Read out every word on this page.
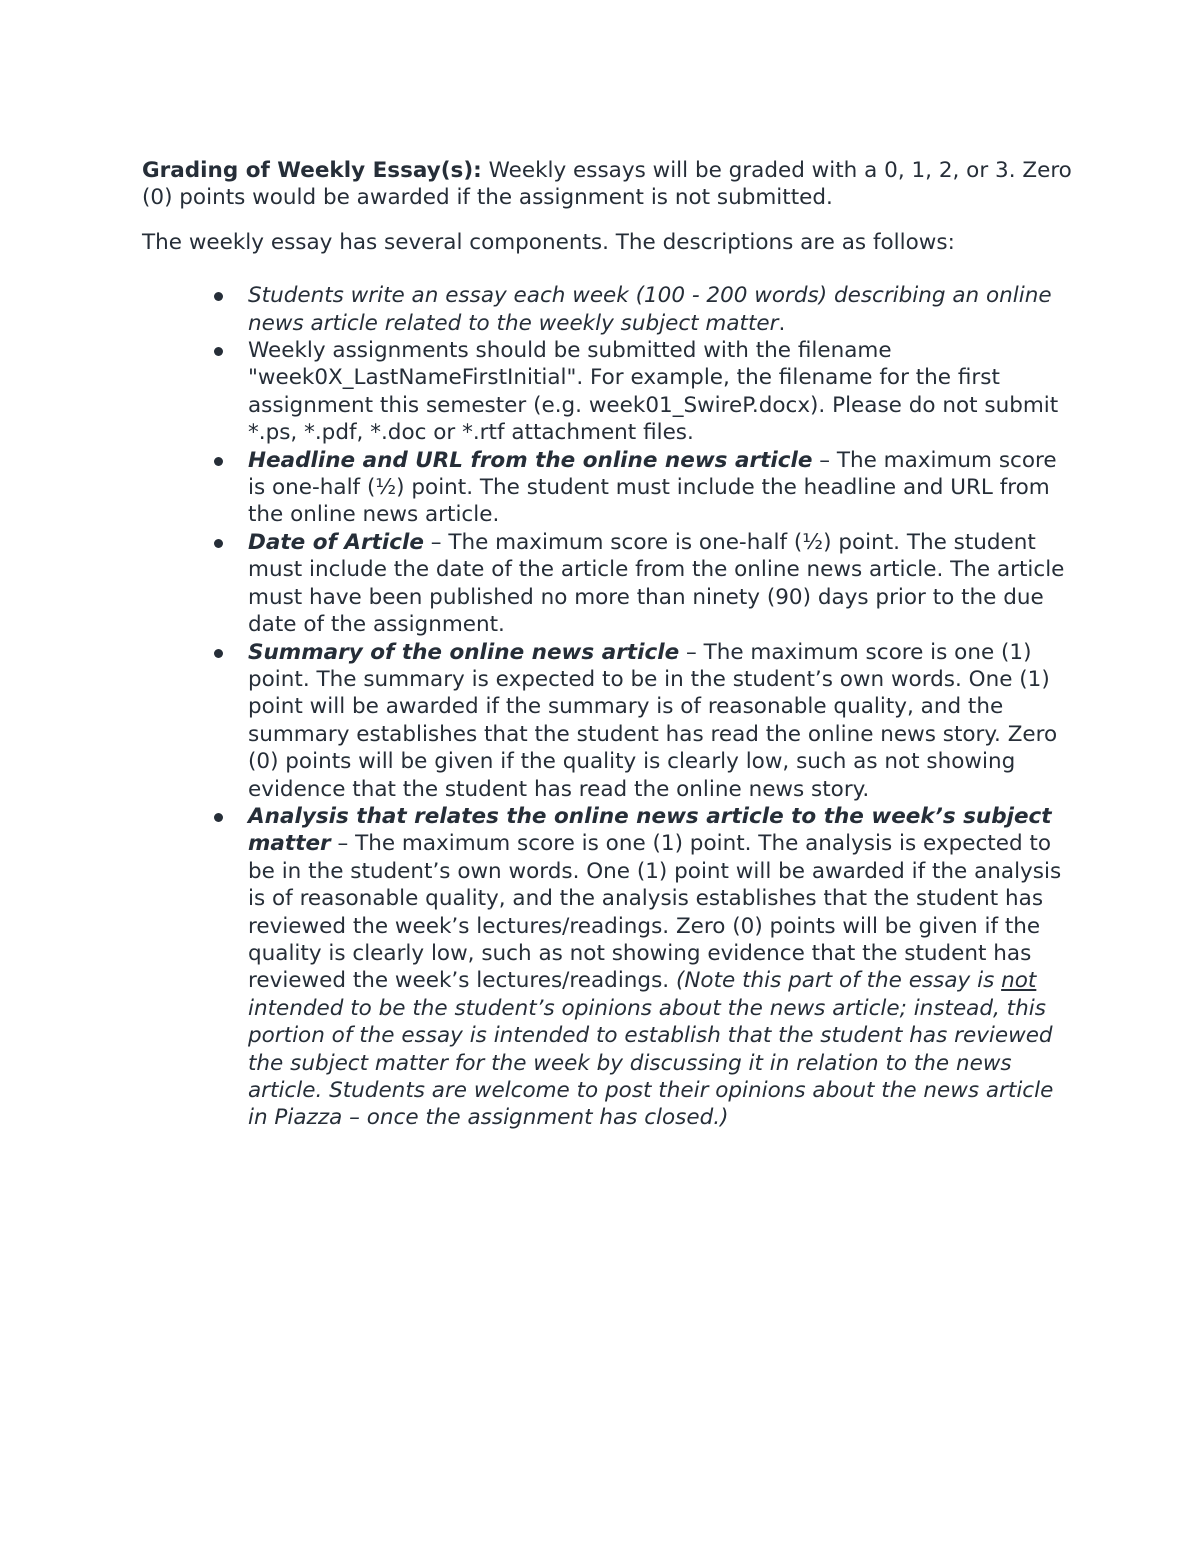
Grading of Weekly Essay(s): Weekly essays will be graded with a 0, 1, 2, or 3. Zero (0) points would be awarded if the assignment is not submitted.

The weekly essay has several components. The descriptions are as follows:

Students write an essay each week (100 - 200 words) describing an online news article related to the weekly subject matter.
Weekly assignments should be submitted with the filename "week0X_LastNameFirstInitial". For example, the filename for the first assignment this semester (e.g. week01_SwireP.docx). Please do not submit *.ps, *.pdf, *.doc or *.rtf attachment files.
Headline and URL from the online news article – The maximum score is one-half (½) point. The student must include the headline and URL from the online news article.
Date of Article – The maximum score is one-half (½) point. The student must include the date of the article from the online news article. The article must have been published no more than ninety (90) days prior to the due date of the assignment.
Summary of the online news article – The maximum score is one (1) point. The summary is expected to be in the student’s own words. One (1) point will be awarded if the summary is of reasonable quality, and the summary establishes that the student has read the online news story. Zero (0) points will be given if the quality is clearly low, such as not showing evidence that the student has read the online news story.
Analysis that relates the online news article to the week’s subject matter – The maximum score is one (1) point. The analysis is expected to be in the student’s own words. One (1) point will be awarded if the analysis is of reasonable quality, and the analysis establishes that the student has reviewed the week’s lectures/readings. Zero (0) points will be given if the quality is clearly low, such as not showing evidence that the student has reviewed the week’s lectures/readings. (Note this part of the essay is not intended to be the student’s opinions about the news article; instead, this portion of the essay is intended to establish that the student has reviewed the subject matter for the week by discussing it in relation to the news article. Students are welcome to post their opinions about the news article in Piazza – once the assignment has closed.)
